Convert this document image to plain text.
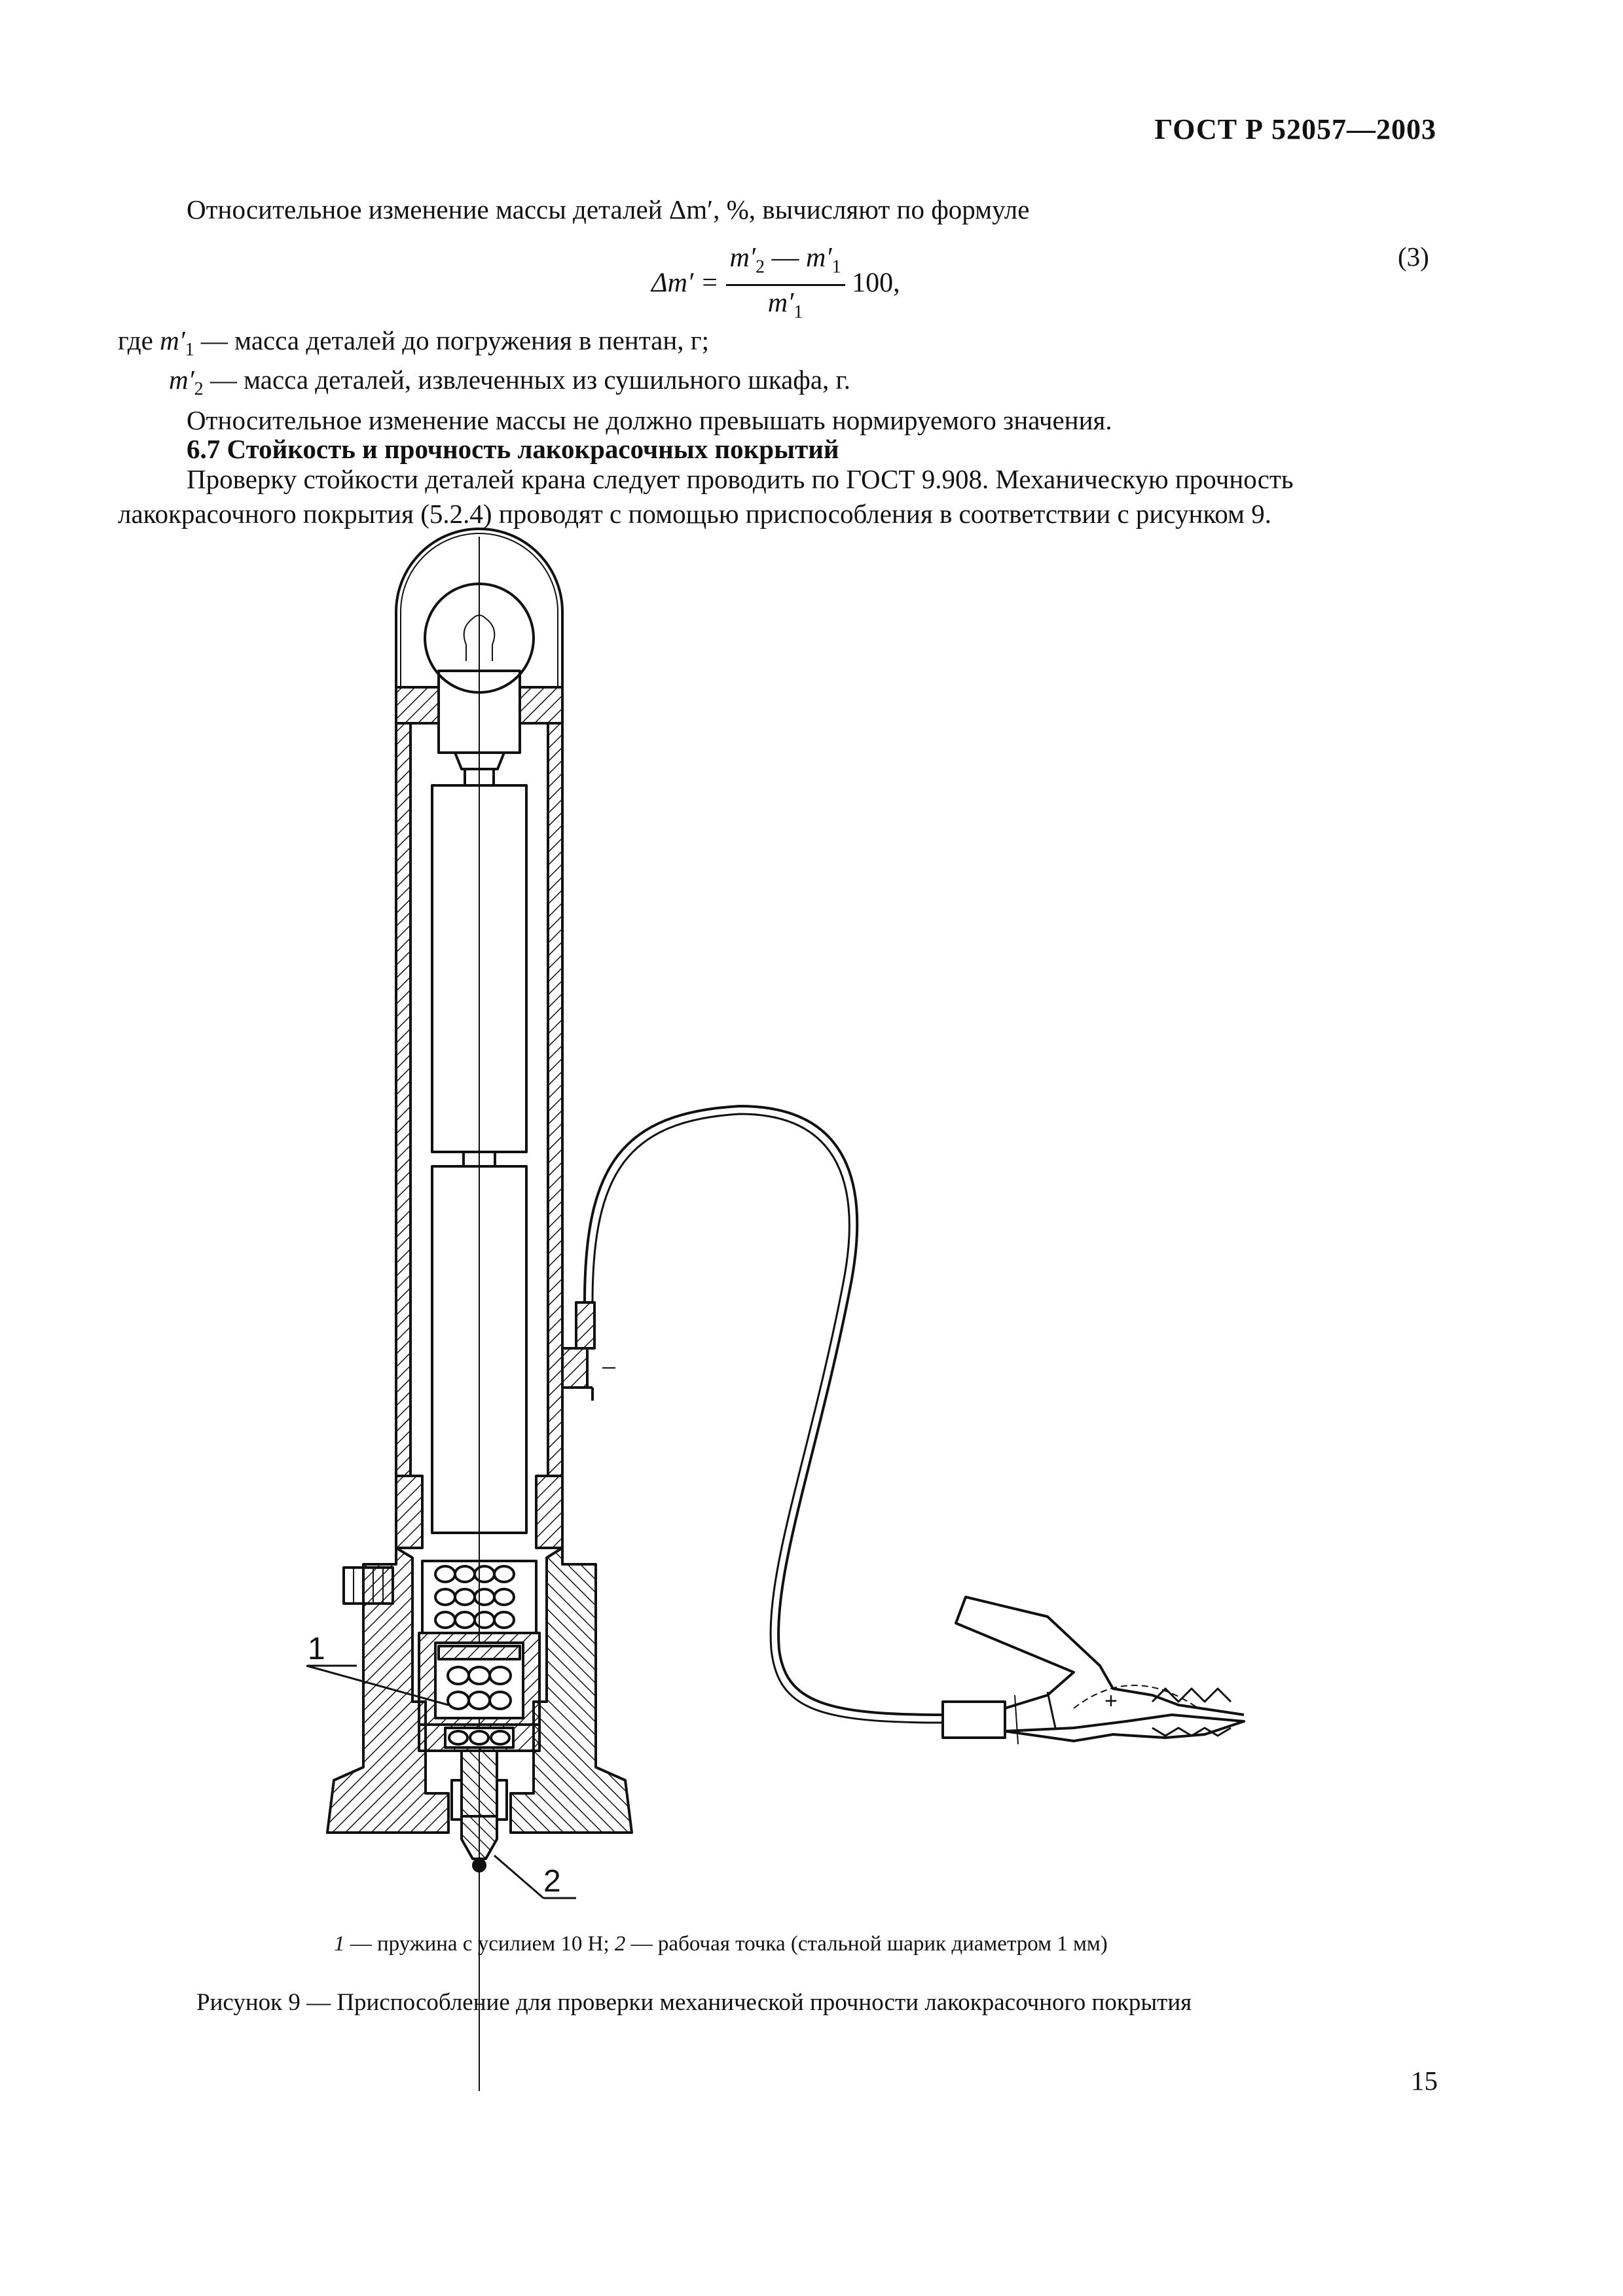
ГОСТ Р 52057—2003
Относительное изменение массы деталей Δm′, %, вычисляют по формуле
$\Delta m' = \frac{m'_2 — m'_1}{m'_1} 100$,
(3)
где $m'_1$ — масса деталей до погружения в пентан, г;
$m'_2$ — масса деталей, извлеченных из сушильного шкафа, г.
Относительное изменение массы не должно превышать нормируемого значения.
6.7 Стойкость и прочность лакокрасочных покрытий
Проверку стойкости деталей крана следует проводить по ГОСТ 9.908. Механическую прочность
лакокрасочного покрытия (5.2.4) проводят с помощью приспособления в соответствии с рисунком 9.
1
2
+
1 — пружина с усилием 10 Н; 2 — рабочая точка (стальной шарик диаметром 1 мм)
Рисунок 9 — Приспособление для проверки механической прочности лакокрасочного покрытия
15
